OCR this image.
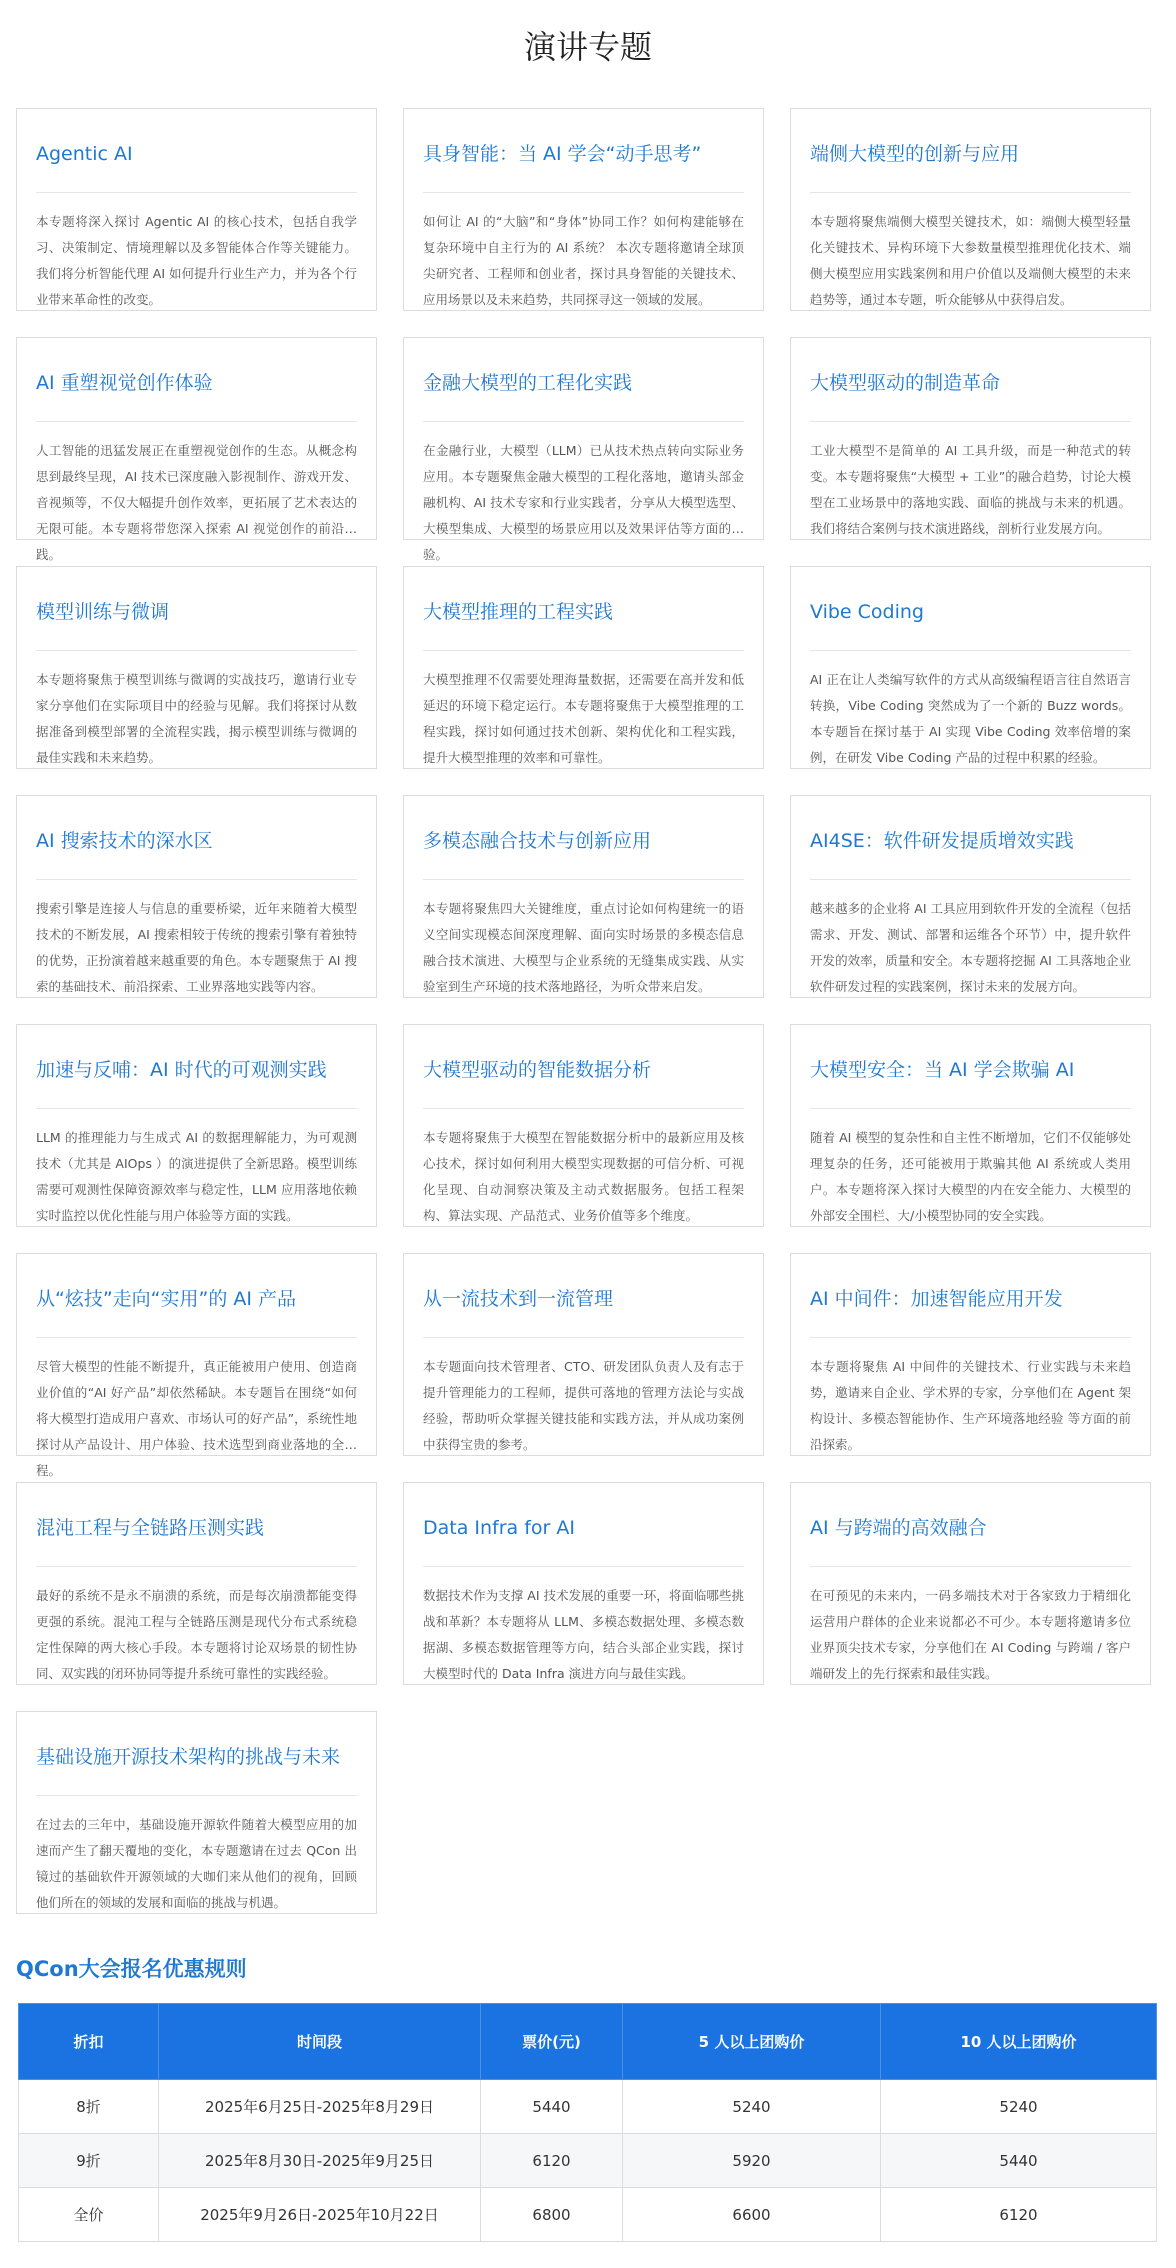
演讲专题
Agentic AI
本专题将深入探讨 Agentic AI 的核心技术，包括自我学习、决策制定、情境理解以及多智能体合作等关键能力。我们将分析智能代理 AI 如何提升行业生产力，并为各个行业带来革命性的改变。
具身智能：当 AI 学会“动手思考”
如何让 AI 的“大脑”和“身体”协同工作？如何构建能够在复杂环境中自主行为的 AI 系统？ 本次专题将邀请全球顶尖研究者、工程师和创业者，探讨具身智能的关键技术、应用场景以及未来趋势，共同探寻这一领域的发展。
端侧大模型的创新与应用
本专题将聚焦端侧大模型关键技术，如：端侧大模型轻量化关键技术、异构环境下大参数量模型推理优化技术、端侧大模型应用实践案例和用户价值以及端侧大模型的未来趋势等，通过本专题，听众能够从中获得启发。
AI 重塑视觉创作体验
人工智能的迅猛发展正在重塑视觉创作的生态。从概念构思到最终呈现，AI 技术已深度融入影视制作、游戏开发、音视频等，不仅大幅提升创作效率，更拓展了艺术表达的无限可能。本专题将带您深入探索 AI 视觉创作的前沿实践。
金融大模型的工程化实践
在金融行业，大模型（LLM）已从技术热点转向实际业务应用。本专题聚焦金融大模型的工程化落地，邀请头部金融机构、AI 技术专家和行业实践者，分享从大模型选型、大模型集成、大模型的场景应用以及效果评估等方面的经验。
大模型驱动的制造革命
工业大模型不是简单的 AI 工具升级，而是一种范式的转变。本专题将聚焦“大模型 + 工业”的融合趋势，讨论大模型在工业场景中的落地实践、面临的挑战与未来的机遇。我们将结合案例与技术演进路线，剖析行业发展方向。
模型训练与微调
本专题将聚焦于模型训练与微调的实战技巧，邀请行业专家分享他们在实际项目中的经验与见解。我们将探讨从数据准备到模型部署的全流程实践，揭示模型训练与微调的最佳实践和未来趋势。
大模型推理的工程实践
大模型推理不仅需要处理海量数据，还需要在高并发和低延迟的环境下稳定运行。本专题将聚焦于大模型推理的工程实践，探讨如何通过技术创新、架构优化和工程实践，提升大模型推理的效率和可靠性。
Vibe Coding
AI 正在让人类编写软件的方式从高级编程语言往自然语言转换，Vibe Coding 突然成为了一个新的 Buzz words。本专题旨在探讨基于 AI 实现 Vibe Coding 效率倍增的案例，在研发 Vibe Coding 产品的过程中积累的经验。
AI 搜索技术的深水区
搜索引擎是连接人与信息的重要桥梁，近年来随着大模型技术的不断发展，AI 搜索相较于传统的搜索引擎有着独特的优势，正扮演着越来越重要的角色。本专题聚焦于 AI 搜索的基础技术、前沿探索、工业界落地实践等内容。
多模态融合技术与创新应用
本专题将聚焦四大关键维度，重点讨论如何构建统一的语义空间实现模态间深度理解、面向实时场景的多模态信息融合技术演进、大模型与企业系统的无缝集成实践、从实验室到生产环境的技术落地路径，为听众带来启发。
AI4SE：软件研发提质增效实践
越来越多的企业将 AI 工具应用到软件开发的全流程（包括需求、开发、测试、部署和运维各个环节）中，提升软件开发的效率，质量和安全。本专题将挖掘 AI 工具落地企业软件研发过程的实践案例，探讨未来的发展方向。
加速与反哺：AI 时代的可观测实践
LLM 的推理能力与生成式 AI 的数据理解能力，为可观测技术（尤其是 AIOps ）的演进提供了全新思路。模型训练需要可观测性保障资源效率与稳定性，LLM 应用落地依赖实时监控以优化性能与用户体验等方面的实践。
大模型驱动的智能数据分析
本专题将聚焦于大模型在智能数据分析中的最新应用及核心技术，探讨如何利用大模型实现数据的可信分析、可视化呈现、自动洞察决策及主动式数据服务。包括工程架构、算法实现、产品范式、业务价值等多个维度。
大模型安全：当 AI 学会欺骗 AI
随着 AI 模型的复杂性和自主性不断增加，它们不仅能够处理复杂的任务，还可能被用于欺骗其他 AI 系统或人类用户。本专题将深入探讨大模型的内在安全能力、大模型的外部安全围栏、大/小模型协同的安全实践。
从“炫技”走向“实用”的 AI 产品
尽管大模型的性能不断提升，真正能被用户使用、创造商业价值的“AI 好产品”却依然稀缺。本专题旨在围绕“如何将大模型打造成用户喜欢、市场认可的好产品”，系统性地探讨从产品设计、用户体验、技术选型到商业落地的全过程。
从一流技术到一流管理
本专题面向技术管理者、CTO、研发团队负责人及有志于提升管理能力的工程师，提供可落地的管理方法论与实战经验，帮助听众掌握关键技能和实践方法，并从成功案例中获得宝贵的参考。
AI 中间件：加速智能应用开发
本专题将聚焦 AI 中间件的关键技术、行业实践与未来趋势，邀请来自企业、学术界的专家，分享他们在 Agent 架构设计、多模态智能协作、生产环境落地经验 等方面的前沿探索。
混沌工程与全链路压测实践
最好的系统不是永不崩溃的系统，而是每次崩溃都能变得更强的系统。混沌工程与全链路压测是现代分布式系统稳定性保障的两大核心手段。本专题将讨论双场景的韧性协同、双实践的闭环协同等提升系统可靠性的实践经验。
Data Infra for AI
数据技术作为支撑 AI 技术发展的重要一环，将面临哪些挑战和革新？本专题将从 LLM、多模态数据处理、多模态数据湖、多模态数据管理等方向，结合头部企业实践，探讨大模型时代的 Data Infra 演进方向与最佳实践。
AI 与跨端的高效融合
在可预见的未来内，一码多端技术对于各家致力于精细化运营用户群体的企业来说都必不可少。本专题将邀请多位业界顶尖技术专家，分享他们在 AI Coding 与跨端 / 客户端研发上的先行探索和最佳实践。
基础设施开源技术架构的挑战与未来
在过去的三年中，基础设施开源软件随着大模型应用的加速而产生了翻天覆地的变化，本专题邀请在过去 QCon 出镜过的基础软件开源领域的大咖们来从他们的视角，回顾他们所在的领域的发展和面临的挑战与机遇。
QCon大会报名优惠规则
折扣	时间段	票价(元)	5 人以上团购价	10 人以上团购价
8折	2025年6月25日-2025年8月29日	5440	5240	5240
9折	2025年8月30日-2025年9月25日	6120	5920	5440
全价	2025年9月26日-2025年10月22日	6800	6600	6120
